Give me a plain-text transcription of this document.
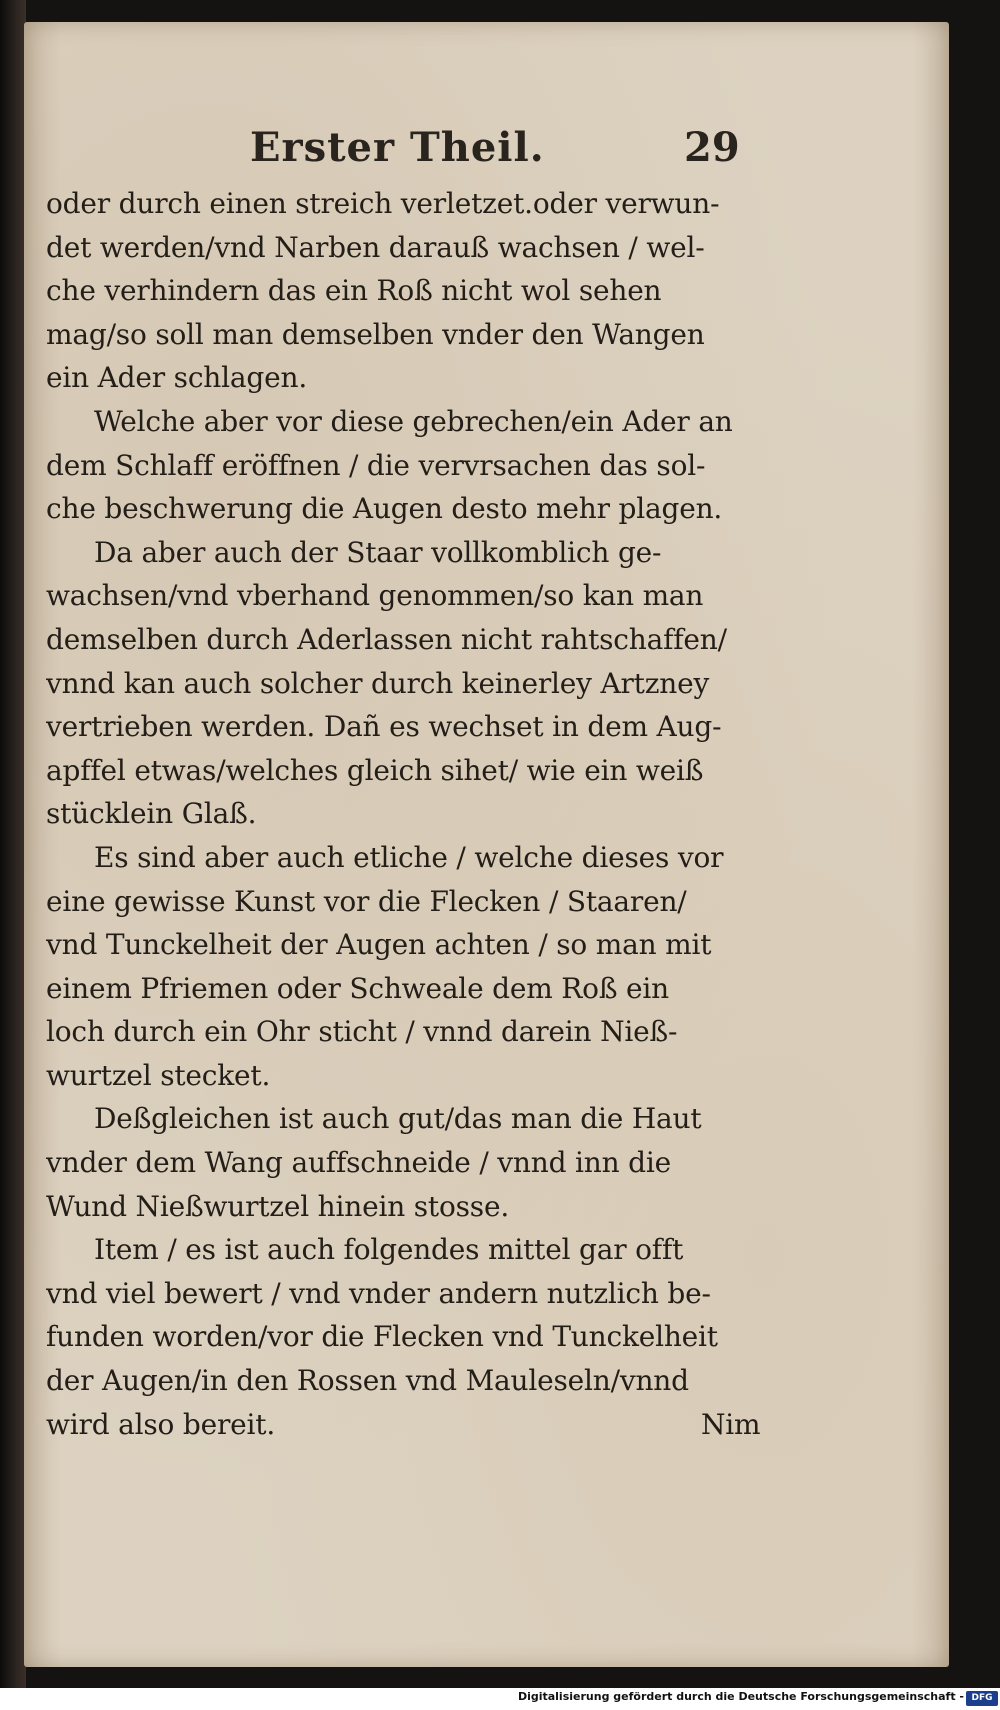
Erster Theil.	29
oder durch einen streich verletzet.oder verwun-
det werden/vnd Narben darauß wachsen / wel-
che verhindern das ein Roß nicht wol sehen
mag/so soll man demselben vnder den Wangen
ein Ader schlagen.
Welche aber vor diese gebrechen/ein Ader an
dem Schlaff eröffnen / die vervrsachen das sol-
che beschwerung die Augen desto mehr plagen.
Da aber auch der Staar vollkomblich ge-
wachsen/vnd vberhand genommen/so kan man
demselben durch Aderlassen nicht rahtschaffen/
vnnd kan auch solcher durch keinerley Artzney
vertrieben werden. Dañ es wechset in dem Aug-
apffel etwas/welches gleich sihet/ wie ein weiß
stücklein Glaß.
Es sind aber auch etliche / welche dieses vor
eine gewisse Kunst vor die Flecken / Staaren/
vnd Tunckelheit der Augen achten / so man mit
einem Pfriemen oder Schweale dem Roß ein
loch durch ein Ohr sticht / vnnd darein Nieß-
wurtzel stecket.
Deßgleichen ist auch gut/das man die Haut
vnder dem Wang auffschneide / vnnd inn die
Wund Nießwurtzel hinein stosse.
Item / es ist auch folgendes mittel gar offt
vnd viel bewert / vnd vnder andern nutzlich be-
funden worden/vor die Flecken vnd Tunckelheit
der Augen/in den Rossen vnd Mauleseln/vnnd
wird also bereit.	Nim
Digitalisierung gefördert durch die Deutsche Forschungsgemeinschaft - DFG
